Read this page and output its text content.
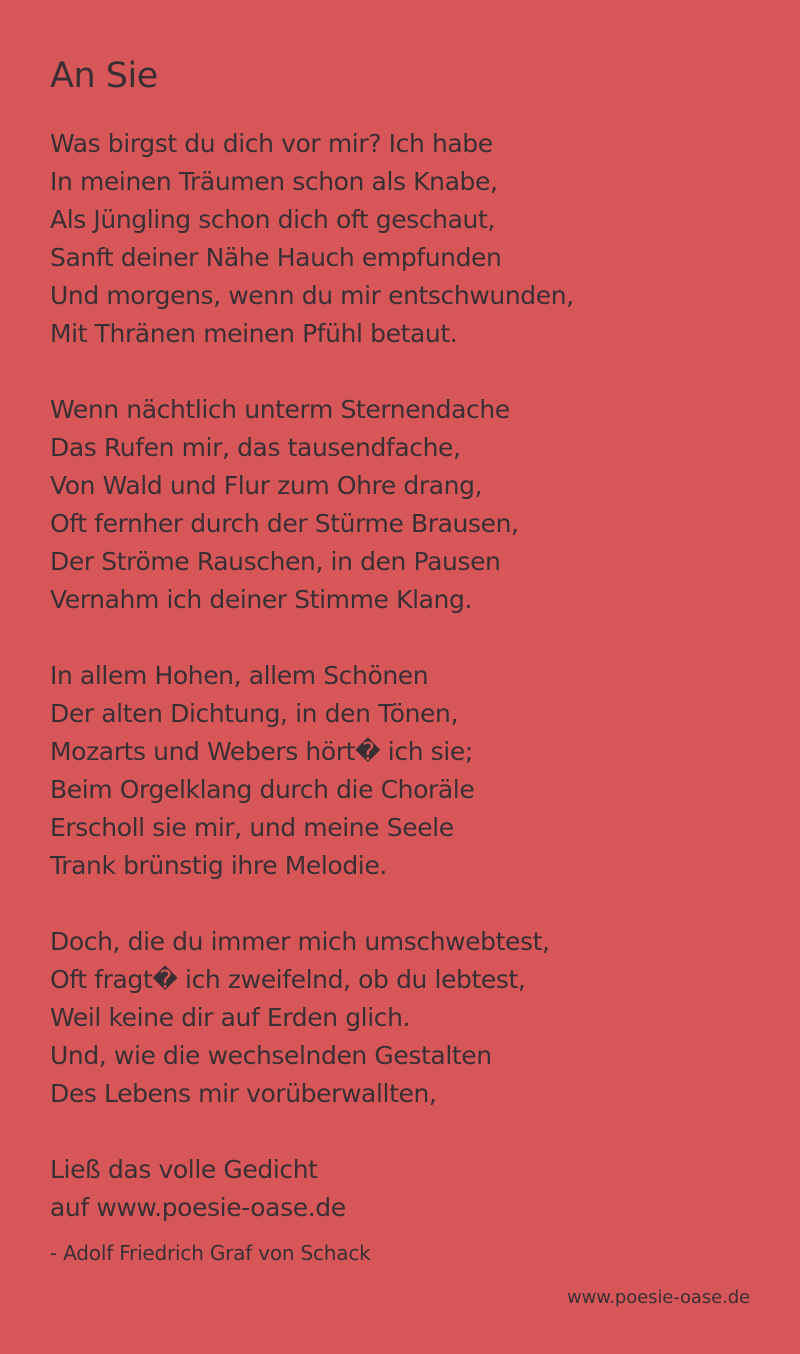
An Sie
Was birgst du dich vor mir? Ich habe
In meinen Träumen schon als Knabe,
Als Jüngling schon dich oft geschaut,
Sanft deiner Nähe Hauch empfunden
Und morgens, wenn du mir entschwunden,
Mit Thränen meinen Pfühl betaut.
Wenn nächtlich unterm Sternendache
Das Rufen mir, das tausendfache,
Von Wald und Flur zum Ohre drang,
Oft fernher durch der Stürme Brausen,
Der Ströme Rauschen, in den Pausen
Vernahm ich deiner Stimme Klang.
In allem Hohen, allem Schönen
Der alten Dichtung, in den Tönen,
Mozarts und Webers hört� ich sie;
Beim Orgelklang durch die Choräle
Erscholl sie mir, und meine Seele
Trank brünstig ihre Melodie.
Doch, die du immer mich umschwebtest,
Oft fragt� ich zweifelnd, ob du lebtest,
Weil keine dir auf Erden glich.
Und, wie die wechselnden Gestalten
Des Lebens mir vorüberwallten,
Ließ das volle Gedicht
auf www.poesie-oase.de
- Adolf Friedrich Graf von Schack
www.poesie-oase.de
